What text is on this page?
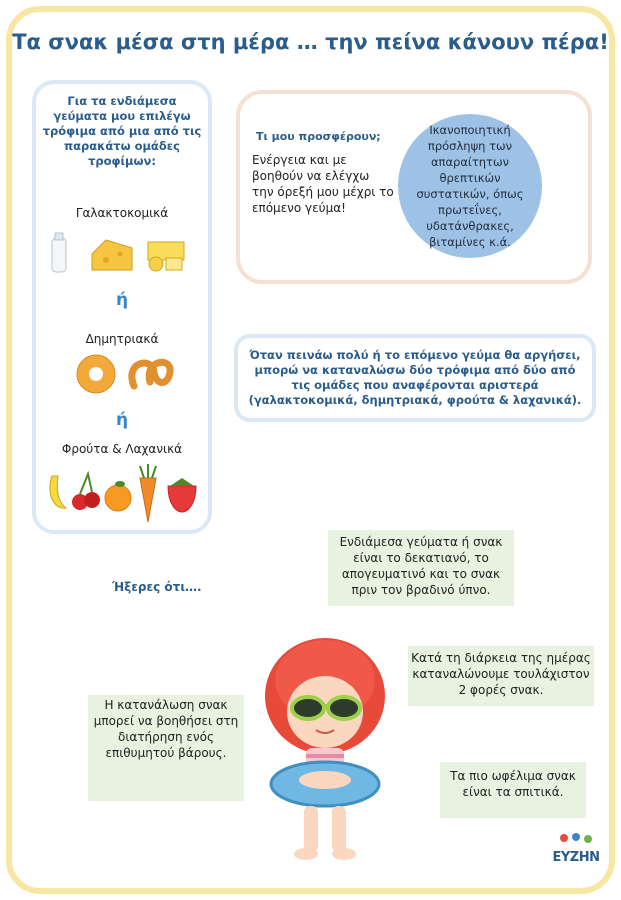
Τα σνακ μέσα στη μέρα … την πείνα κάνουν πέρα!
Για τα ενδιάμεσα γεύματα μου επιλέγω τρόφιμα από μια από τις παρακάτω ομάδες τροφίμων:
Γαλακτοκομικά
ή
Δημητριακά
ή
Φρούτα & Λαχανικά
Τι μου προσφέρουν;
Ενέργεια και με βοηθούν να ελέγχω την όρεξή μου μέχρι το επόμενο γεύμα!
Ικανοποιητική πρόσληψη των απαραίτητων θρεπτικών συστατικών, όπως πρωτεΐνες, υδατάνθρακες, βιταμίνες κ.ά.
Όταν πεινάω πολύ ή το επόμενο γεύμα θα αργήσει, μπορώ να καταναλώσω δύο τρόφιμα από δύο από τις ομάδες που αναφέρονται αριστερά (γαλακτοκομικά, δημητριακά, φρούτα & λαχανικά).
Ήξερες ότι….
Ενδιάμεσα γεύματα ή σνακ είναι το δεκατιανό, το απογευματινό και το σνακ πριν τον βραδινό ύπνο.
Κατά τη διάρκεια της ημέρας καταναλώνουμε τουλάχιστον 2 φορές σνακ.
Η κατανάλωση σνακ μπορεί να βοηθήσει στη διατήρηση ενός επιθυμητού βάρους.
Τα πιο ωφέλιμα σνακ είναι τα σπιτικά.
ΕΥΖΗΝ
